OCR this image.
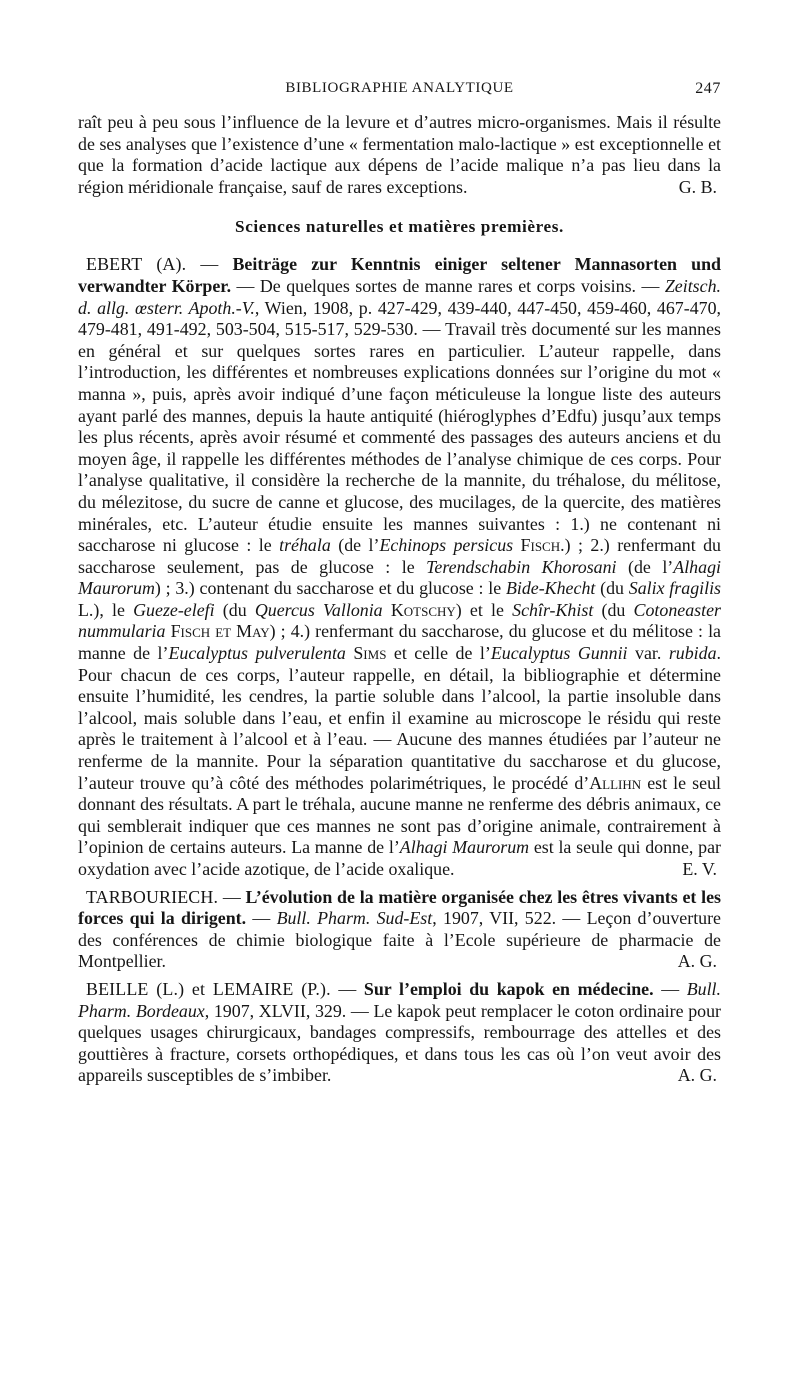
BIBLIOGRAPHIE ANALYTIQUE	247

raît peu à peu sous l’influence de la levure et d’autres micro-organismes. Mais il résulte de ses analyses que l’existence d’une « fermentation malo-lactique » est exceptionnelle et que la formation d’acide lactique aux dépens de l’acide malique n’a pas lieu dans la région méridionale française, sauf de rares exceptions.	G. B.

Sciences naturelles et matières premières.

EBERT (A). — Beiträge zur Kenntnis einiger seltener Mannasorten und verwandter Körper. — De quelques sortes de manne rares et corps voisins. — Zeitsch. d. allg. œsterr. Apoth.-V., Wien, 1908, p. 427-429, 439-440, 447-450, 459-460, 467-470, 479-481, 491-492, 503-504, 515-517, 529-530. — Travail très documenté sur les mannes en général et sur quelques sortes rares en particulier. L’auteur rappelle, dans l’introduction, les différentes et nombreuses explications données sur l’origine du mot « manna », puis, après avoir indiqué d’une façon méticuleuse la longue liste des auteurs ayant parlé des mannes, depuis la haute antiquité (hiéroglyphes d’Edfu) jusqu’aux temps les plus récents, après avoir résumé et commenté des passages des auteurs anciens et du moyen âge, il rappelle les différentes méthodes de l’analyse chimique de ces corps. Pour l’analyse qualitative, il considère la recherche de la mannite, du tréhalose, du mélitose, du mélezitose, du sucre de canne et glucose, des mucilages, de la quercite, des matières minérales, etc. L’auteur étudie ensuite les mannes suivantes : 1.) ne contenant ni saccharose ni glucose : le tréhala (de l’Echinops persicus Fisch.) ; 2.) renfermant du saccharose seulement, pas de glucose : le Terendschabin Khorosani (de l’Alhagi Maurorum) ; 3.) contenant du saccharose et du glucose : le Bide-Khecht (du Salix fragilis L.), le Gueze-elefi (du Quercus Vallonia Kotschy) et le Schîr-Khist (du Cotoneaster nummularia Fisch et May) ; 4.) renfermant du saccharose, du glucose et du mélitose : la manne de l’Eucalyptus pulverulenta Sims et celle de l’Eucalyptus Gunnii var. rubida. Pour chacun de ces corps, l’auteur rappelle, en détail, la bibliographie et détermine ensuite l’humidité, les cendres, la partie soluble dans l’alcool, la partie insoluble dans l’alcool, mais soluble dans l’eau, et enfin il examine au microscope le résidu qui reste après le traitement à l’alcool et à l’eau. — Aucune des mannes étudiées par l’auteur ne renferme de la mannite. Pour la séparation quantitative du saccharose et du glucose, l’auteur trouve qu’à côté des méthodes polarimétriques, le procédé d’Allihn est le seul donnant des résultats. A part le tréhala, aucune manne ne renferme des débris animaux, ce qui semblerait indiquer que ces mannes ne sont pas d’origine animale, contrairement à l’opinion de certains auteurs. La manne de l’Alhagi Maurorum est la seule qui donne, par oxydation avec l’acide azotique, de l’acide oxalique.	E. V.

TARBOURIECH. — L’évolution de la matière organisée chez les êtres vivants et les forces qui la dirigent. — Bull. Pharm. Sud-Est, 1907, VII, 522. — Leçon d’ouverture des conférences de chimie biologique faite à l’Ecole supérieure de pharmacie de Montpellier.	A. G.

BEILLE (L.) et LEMAIRE (P.). — Sur l’emploi du kapok en médecine. — Bull. Pharm. Bordeaux, 1907, XLVII, 329. — Le kapok peut remplacer le coton ordinaire pour quelques usages chirurgicaux, bandages compressifs, rembourrage des attelles et des gouttières à fracture, corsets orthopédiques, et dans tous les cas où l’on veut avoir des appareils susceptibles de s’imbiber.	A. G.
